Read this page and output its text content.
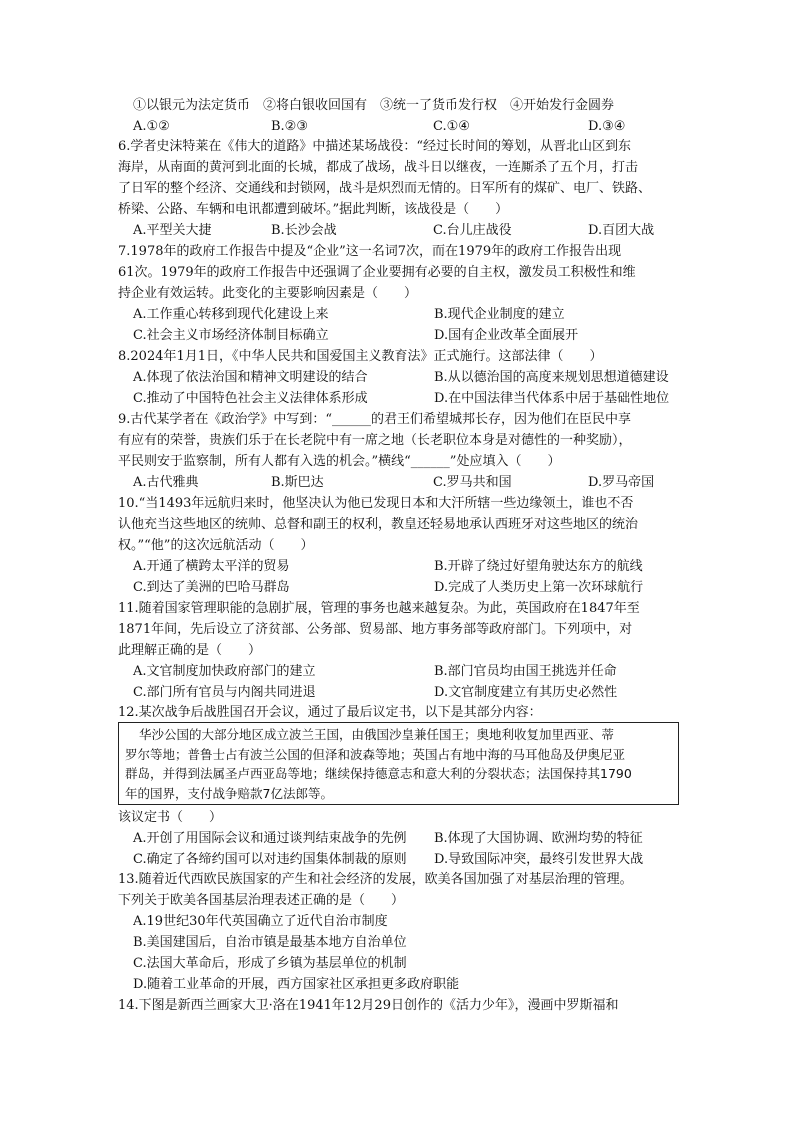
①以银元为法定货币　②将白银收回国有　③统一了货币发行权　④开始发行金圆券
A.①②	B.②③	C.①④	D.③④
6.学者史沫特莱在《伟大的道路》中描述某场战役：“经过长时间的筹划，从晋北山区到东
海岸，从南面的黄河到北面的长城，都成了战场，战斗日以继夜，一连厮杀了五个月，打击
了日军的整个经济、交通线和封锁网，战斗是炽烈而无情的。日军所有的煤矿、电厂、铁路、
桥梁、公路、车辆和电讯都遭到破坏。”据此判断，该战役是（　　）
A.平型关大捷	B.长沙会战	C.台儿庄战役	D.百团大战
7.1978年的政府工作报告中提及“企业”这一名词7次，而在1979年的政府工作报告出现
61次。1979年的政府工作报告中还强调了企业要拥有必要的自主权，激发员工积极性和维
持企业有效运转。此变化的主要影响因素是（　　）
A.工作重心转移到现代化建设上来	B.现代企业制度的建立
C.社会主义市场经济体制目标确立	D.国有企业改革全面展开
8.2024年1月1日，《中华人民共和国爱国主义教育法》正式施行。这部法律（　　）
A.体现了依法治国和精神文明建设的结合	B.从以德治国的高度来规划思想道德建设
C.推动了中国特色社会主义法律体系形成	D.在中国法律当代体系中居于基础性地位
9.古代某学者在《政治学》中写到：“______的君王们希望城邦长存，因为他们在臣民中享
有应有的荣誉，贵族们乐于在长老院中有一席之地（长老职位本身是对德性的一种奖励），
平民则安于监察制，所有人都有入选的机会。”横线“______”处应填入（　　）
A.古代雅典	B.斯巴达	C.罗马共和国	D.罗马帝国
10.“当1493年远航归来时，他坚决认为他已发现日本和大汗所辖一些边缘领土，谁也不否
认他充当这些地区的统帅、总督和副王的权利，教皇还轻易地承认西班牙对这些地区的统治
权。”“他”的这次远航活动（　　）
A.开通了横跨太平洋的贸易	B.开辟了绕过好望角驶达东方的航线
C.到达了美洲的巴哈马群岛	D.完成了人类历史上第一次环球航行
11.随着国家管理职能的急剧扩展，管理的事务也越来越复杂。为此，英国政府在1847年至
1871年间，先后设立了济贫部、公务部、贸易部、地方事务部等政府部门。下列项中，对
此理解正确的是（　　）
A.文官制度加快政府部门的建立	B.部门官员均由国王挑选并任命
C.部门所有官员与内阁共同进退	D.文官制度建立有其历史必然性
12.某次战争后战胜国召开会议，通过了最后议定书，以下是其部分内容：
华沙公国的大部分地区成立波兰王国，由俄国沙皇兼任国王；奥地利收复加里西亚、蒂
罗尔等地；普鲁士占有波兰公国的但泽和波森等地；英国占有地中海的马耳他岛及伊奥尼亚
群岛，并得到法属圣卢西亚岛等地；继续保持德意志和意大利的分裂状态；法国保持其1790
年的国界，支付战争赔款7亿法郎等。
该议定书（　　）
A.开创了用国际会议和通过谈判结束战争的先例 B.体现了大国协调、欧洲均势的特征
C.确定了各缔约国可以对违约国集体制裁的原则 D.导致国际冲突，最终引发世界大战
13.随着近代西欧民族国家的产生和社会经济的发展，欧美各国加强了对基层治理的管理。
下列关于欧美各国基层治理表述正确的是（　　）
A.19世纪30年代英国确立了近代自治市制度
B.美国建国后，自治市镇是最基本地方自治单位
C.法国大革命后，形成了乡镇为基层单位的机制
D.随着工业革命的开展，西方国家社区承担更多政府职能
14.下图是新西兰画家大卫·洛在1941年12月29日创作的《活力少年》，漫画中罗斯福和
